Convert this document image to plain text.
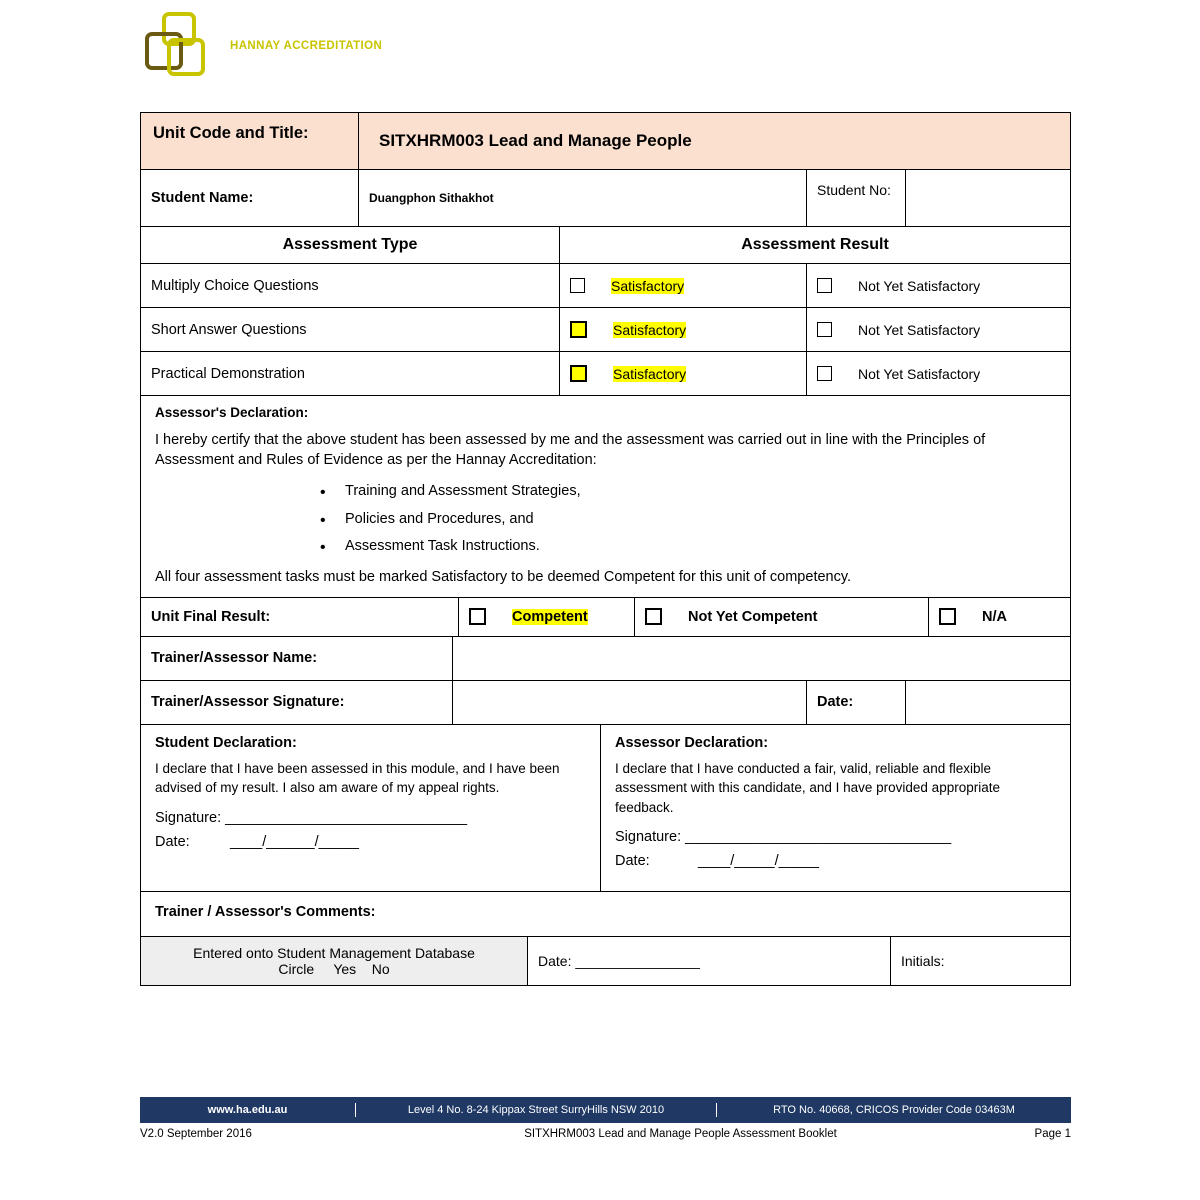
HANNAY ACCREDITATION
Unit Code and Title:	SITXHRM003 Lead and Manage People
Student Name:	Duangphon Sithakhot	Student No:
Assessment Type	Assessment Result
Multiply Choice Questions	Satisfactory	Not Yet Satisfactory
Short Answer Questions	Satisfactory	Not Yet Satisfactory
Practical Demonstration	Satisfactory	Not Yet Satisfactory
Assessor's Declaration:
I hereby certify that the above student has been assessed by me and the assessment was carried out in line with the Principles of Assessment and Rules of Evidence as per the Hannay Accreditation:
• Training and Assessment Strategies,
• Policies and Procedures, and
• Assessment Task Instructions.
All four assessment tasks must be marked Satisfactory to be deemed Competent for this unit of competency.
Unit Final Result:	Competent	Not Yet Competent	N/A
Trainer/Assessor Name:
Trainer/Assessor Signature:	Date:
Student Declaration:
I declare that I have been assessed in this module, and I have been advised of my result. I also am aware of my appeal rights.
Signature: ______________________________
Date:          ____/______/_____
Assessor Declaration:
I declare that I have conducted a fair, valid, reliable and flexible assessment with this candidate, and I have provided appropriate feedback.
Signature: _________________________________
Date:            ____/_____/_____
Trainer / Assessor's Comments:
Entered onto Student Management Database
Circle     Yes    No	Date: ________________	Initials:
www.ha.edu.au	Level 4 No. 8-24 Kippax Street SurryHills NSW 2010	RTO No. 40668, CRICOS Provider Code 03463M
V2.0 September 2016	SITXHRM003 Lead and Manage People Assessment Booklet	Page 1
